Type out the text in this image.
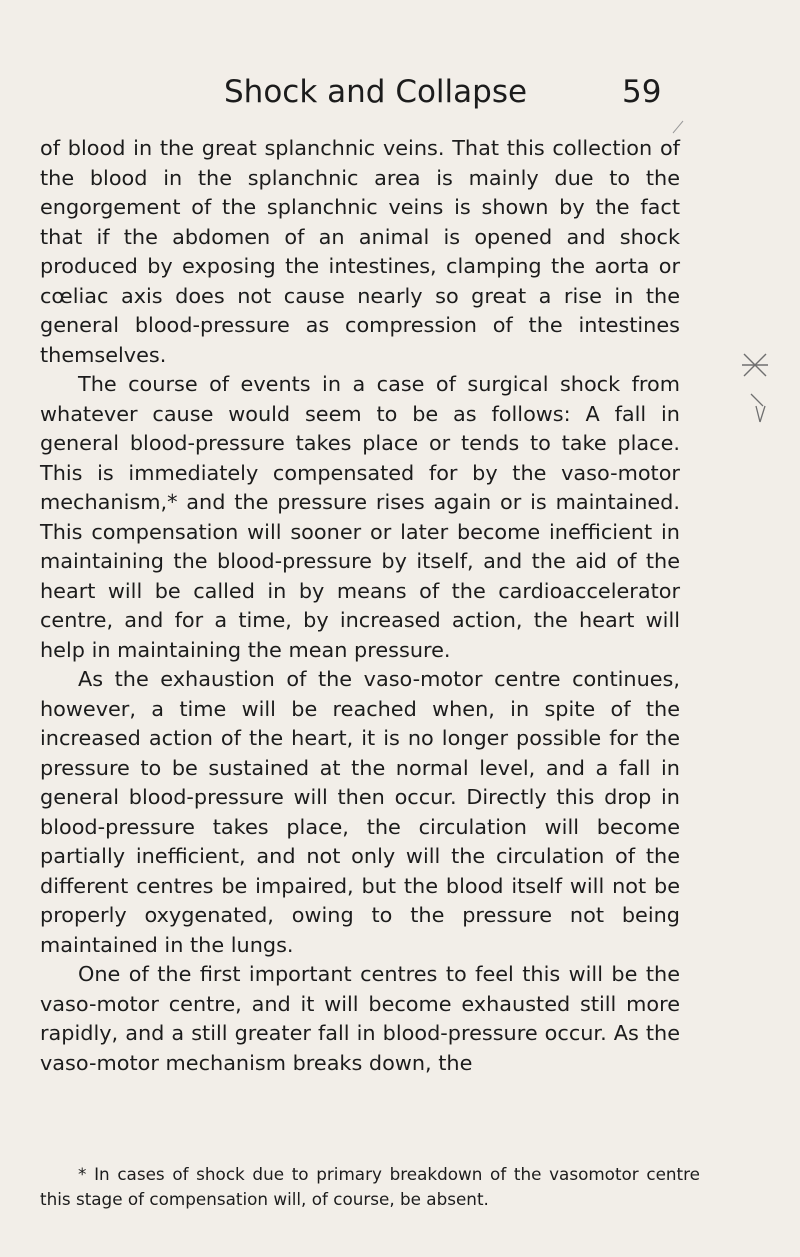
Shock and Collapse	59

of blood in the great splanchnic veins. That this collection of the blood in the splanchnic area is mainly due to the engorgement of the splanchnic veins is shown by the fact that if the abdomen of an animal is opened and shock produced by exposing the intestines, clamping the aorta or cœliac axis does not cause nearly so great a rise in the general blood-pressure as compression of the intestines themselves.

The course of events in a case of surgical shock from whatever cause would seem to be as follows: A fall in general blood-pressure takes place or tends to take place. This is immediately compensated for by the vaso-motor mechanism,* and the pressure rises again or is maintained. This compensation will sooner or later become inefficient in maintaining the blood-pressure by itself, and the aid of the heart will be called in by means of the cardioaccelerator centre, and for a time, by increased action, the heart will help in maintaining the mean pressure.

As the exhaustion of the vaso-motor centre continues, however, a time will be reached when, in spite of the increased action of the heart, it is no longer possible for the pressure to be sustained at the normal level, and a fall in general blood-pressure will then occur. Directly this drop in blood-pressure takes place, the circulation will become partially inefficient, and not only will the circulation of the different centres be impaired, but the blood itself will not be properly oxygenated, owing to the pressure not being maintained in the lungs.

One of the first important centres to feel this will be the vaso-motor centre, and it will become exhausted still more rapidly, and a still greater fall in blood-pressure occur. As the vaso-motor mechanism breaks down, the

* In cases of shock due to primary breakdown of the vasomotor centre this stage of compensation will, of course, be absent.
